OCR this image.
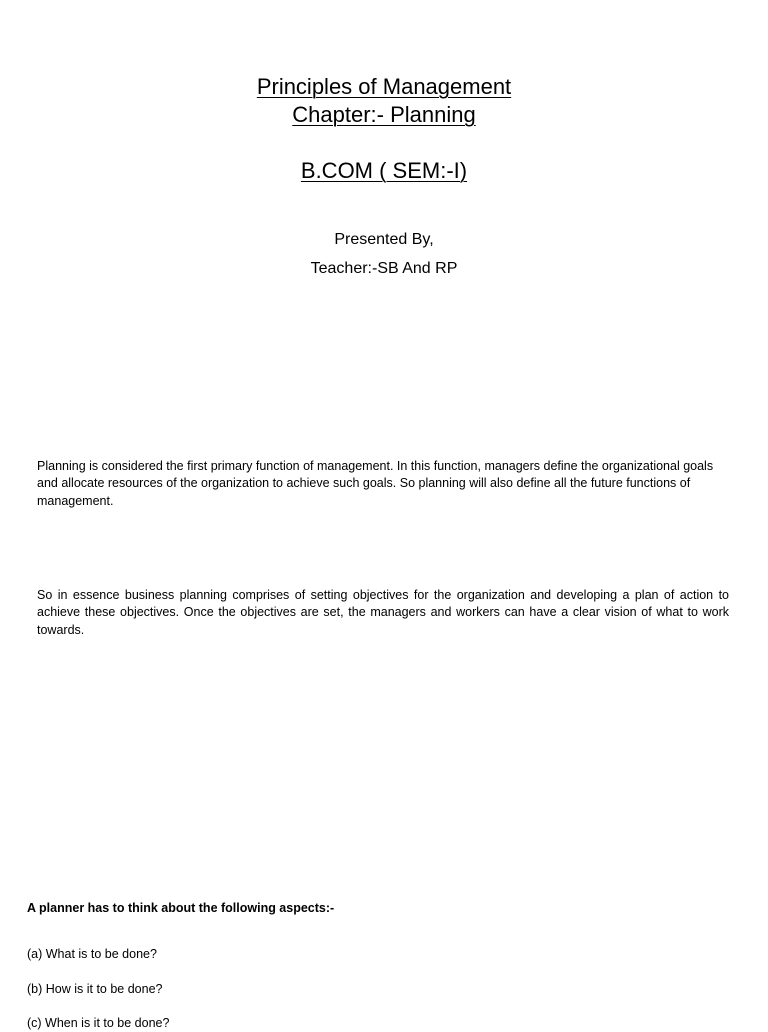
Principles of Management
Chapter:- Planning
B.COM ( SEM:-I)
Presented By,
Teacher:-SB And RP
Planning is considered the first primary function of management. In this function, managers define the organizational goals and allocate resources of the organization to achieve such goals. So planning will also define all the future functions of management.
So in essence business planning comprises of setting objectives for the organization and developing a plan of action to achieve these objectives. Once the objectives are set, the managers and workers can have a clear vision of what to work towards.
A planner has to think about the following aspects:-
(a) What is to be done?
(b) How is it to be done?
(c) When is it to be done?
